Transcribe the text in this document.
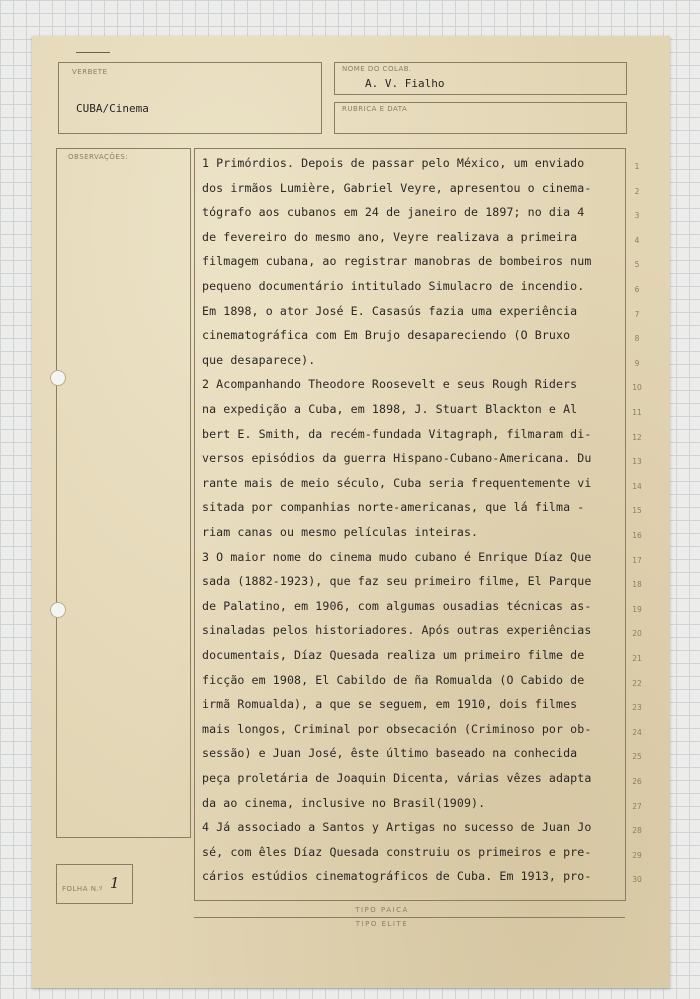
VERBETE
CUBA/Cinema
NOME DO COLAB.
A. V. Fialho
RUBRICA E DATA
OBSERVAÇÕES:
FOLHA N.º 1
1 Primórdios. Depois de passar pelo México, um enviado
dos irmãos Lumière, Gabriel Veyre, apresentou o cinema-
tógrafo aos cubanos em 24 de janeiro de 1897; no dia 4
de fevereiro do mesmo ano, Veyre realizava a primeira
filmagem cubana, ao registrar manobras de bombeiros num
pequeno documentário intitulado Simulacro de incendio.
Em 1898, o ator José E. Casasús fazia uma experiência
cinematográfica com Em Brujo desapareciendo (O Bruxo
que desaparece).
2 Acompanhando Theodore Roosevelt e seus Rough Riders
na expedição a Cuba, em 1898, J. Stuart Blackton e Al
bert E. Smith, da recém-fundada Vitagraph, filmaram di-
versos episódios da guerra Hispano-Cubano-Americana. Du
rante mais de meio século, Cuba seria frequentemente vi
sitada por companhias norte-americanas, que lá filma -
riam canas ou mesmo películas inteiras.
3 O maior nome do cinema mudo cubano é Enrique Díaz Que
sada (1882-1923), que faz seu primeiro filme, El Parque
de Palatino, em 1906, com algumas ousadias técnicas as-
sinaladas pelos historiadores. Após outras experiências
documentais, Díaz Quesada realiza um primeiro filme de
ficção em 1908, El Cabildo de ña Romualda (O Cabido de
irmã Romualda), a que se seguem, em 1910, dois filmes
mais longos, Criminal por obsecación (Criminoso por ob-
sessão) e Juan José, êste último baseado na conhecida
peça proletária de Joaquin Dicenta, várias vêzes adapta
da ao cinema, inclusive no Brasil(1909).
4 Já associado a Santos y Artigas no sucesso de Juan Jo
sé, com êles Díaz Quesada construiu os primeiros e pre-
cários estúdios cinematográficos de Cuba. Em 1913, pro-
TIPO PAICA
TIPO ELITE
1
2
3
4
5
6
7
8
9
10
11
12
13
14
15
16
17
18
19
20
21
22
23
24
25
26
27
28
29
30
